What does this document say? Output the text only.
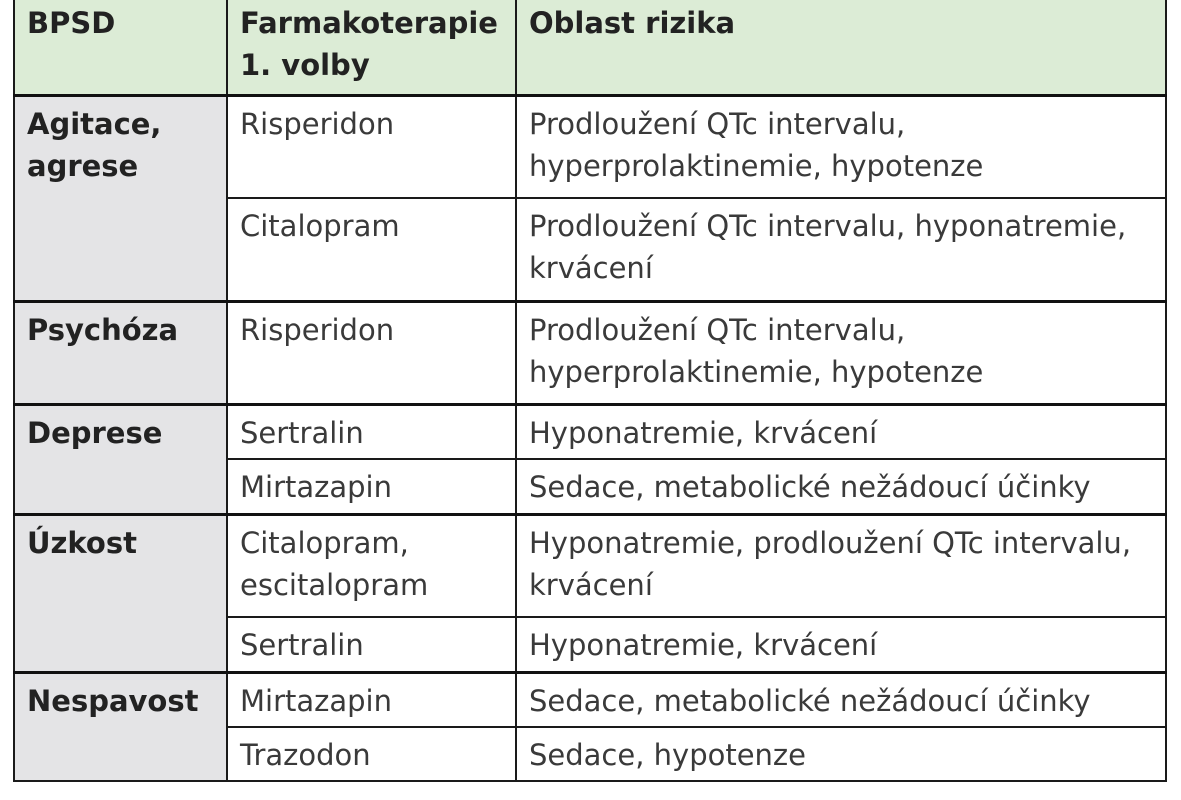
BPSD	Farmakoterapie 1. volby	Oblast rizika
Agitace, agrese	Risperidon	Prodloužení QTc intervalu, hyperprolaktinemie, hypotenze
	Citalopram	Prodloužení QTc intervalu, hyponatremie, krvácení
Psychóza	Risperidon	Prodloužení QTc intervalu, hyperprolaktinemie, hypotenze
Deprese	Sertralin	Hyponatremie, krvácení
	Mirtazapin	Sedace, metabolické nežádoucí účinky
Úzkost	Citalopram, escitalopram	Hyponatremie, prodloužení QTc intervalu, krvácení
	Sertralin	Hyponatremie, krvácení
Nespavost	Mirtazapin	Sedace, metabolické nežádoucí účinky
	Trazodon	Sedace, hypotenze
